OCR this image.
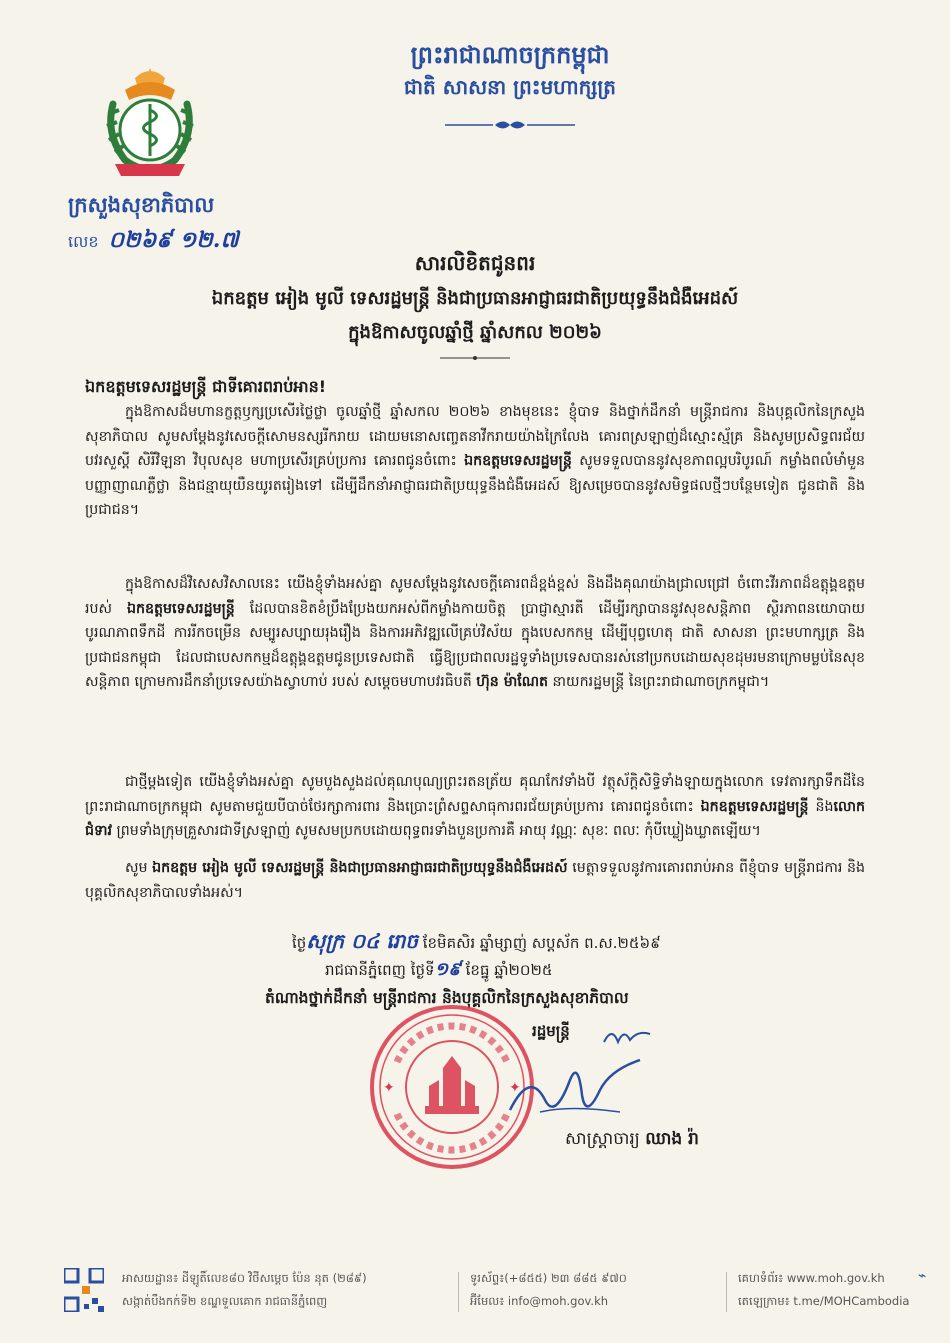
ព្រះរាជាណាចក្រកម្ពុជា
ជាតិ សាសនា ព្រះមហាក្សត្រ
ក្រសួងសុខាភិបាល
លេខ ០២៦៩ ១២.៧
សារលិខិតជូនពរ
ឯកឧត្តម អៀង មូលី ទេសរដ្ឋមន្ត្រី និងជាប្រធានអាជ្ញាធរជាតិប្រយុទ្ធនឹងជំងឺអេដស៍
ក្នុងឱកាសចូលឆ្នាំថ្មី ឆ្នាំសកល ២០២៦
ឯកឧត្តមទេសរដ្ឋមន្ត្រី ជាទីគោរពរាប់អាន!
ក្នុងឱកាសដ៏មហានក្ខត្តឫក្សប្រសើរថ្លៃថ្លា ចូលឆ្នាំថ្មី ឆ្នាំសកល ២០២៦ ខាងមុខនេះ ខ្ញុំបាទ និងថ្នាក់ដឹកនាំ មន្ត្រីរាជការ និងបុគ្គលិកនៃក្រសួងសុខាភិបាល សូមសម្តែងនូវសេចក្តីសោមនស្សរីករាយ ដោយមនោសញ្ចេតនាវីករាយយ៉ាងក្រៃលែង គោរពស្រឡាញ់ដ៏ស្មោះស្ម័គ្រ និងសូមប្រសិទ្ធពរជ័យ បវរសួស្តី សិរីវិឡនា វិបុលសុខ មហាប្រសើរគ្រប់ប្រការ គោរពជូនចំពោះ ឯកឧត្តមទេសរដ្ឋមន្ត្រី សូមទទួលបាននូវសុខភាពល្អបរិបូរណ៍ កម្លាំងពលំមាំមួន បញ្ញាញាណភ្លឺថ្លា និងជន្មាយុយឺនយូរតរៀងទៅ ដើម្បីដឹកនាំអាជ្ញាធរជាតិប្រយុទ្ធនឹងជំងឺអេដស៍ ឱ្យសម្រេចបាននូវសមិទ្ធផលថ្មីៗបន្ថែមទៀត ជូនជាតិ និងប្រជាជន។
ក្នុងឱកាសដ៏វិសេសវិសាលនេះ យើងខ្ញុំទាំងអស់គ្នា សូមសម្តែងនូវសេចក្តីគោរពដ៏ខ្ពង់ខ្ពស់ និងដឹងគុណយ៉ាងជ្រាលជ្រៅ ចំពោះវីរភាពដ៏ឧត្តុង្គឧត្តម របស់ ឯកឧត្តមទេសរដ្ឋមន្ត្រី ដែលបានខិតខំប្រឹងប្រែងយកអស់ពីកម្លាំងកាយចិត្ត ប្រាជ្ញាស្មារតី ដើម្បីរក្សាបាននូវសុខសន្តិភាព ស្ថិរភាពនយោបាយ បូរណភាពទឹកដី ការរីកចម្រើន សម្បូរសប្បាយរុងរឿង និងការអភិវឌ្ឍលើគ្រប់វិស័យ ក្នុងបេសកកម្ម ដើម្បីបុព្វហេតុ ជាតិ សាសនា ព្រះមហាក្សត្រ និងប្រជាជនកម្ពុជា ដែលជាបេសកកម្មដ៏ឧត្តុង្គឧត្តមជូនប្រទេសជាតិ ធ្វើឱ្យប្រជាពលរដ្ឋទូទាំងប្រទេសបានរស់នៅប្រកបដោយសុខដុមរមនាក្រោមម្លប់នៃសុខសន្តិភាព ក្រោមការដឹកនាំប្រទេសយ៉ាងស្វាហាប់ របស់ សម្តេចមហាបវរធិបតី ហ៊ុន ម៉ាណែត នាយករដ្ឋមន្ត្រី នៃព្រះរាជាណាចក្រកម្ពុជា។
ជាថ្មីម្តងទៀត យើងខ្ញុំទាំងអស់គ្នា សូមបួងសួងដល់គុណបុណ្យព្រះរតនត្រ័យ គុណកែវទាំងបី វត្ថុស័ក្តិសិទ្ធិទាំងឡាយក្នុងលោក ទេវតារក្សាទឹកដីនៃព្រះរាជាណាចក្រកម្ពុជា សូមតាមជួយបីបាច់ថែរក្សាការពារ និងប្រោះព្រំសព្ទសាធុការពរជ័យគ្រប់ប្រការ គោរពជូនចំពោះ ឯកឧត្តមទេសរដ្ឋមន្ត្រី និងលោកជំទាវ ព្រមទាំងក្រុមគ្រួសារជាទីស្រឡាញ់ សូមសមប្រកបដោយពុទ្ធពរទាំងបួនប្រការគឺ អាយុ វណ្ណៈ សុខៈ ពលៈ កុំបីឃ្លៀងឃ្លាតឡើយ។
សូម ឯកឧត្តម អៀង មូលី ទេសរដ្ឋមន្ត្រី និងជាប្រធានអាជ្ញាធរជាតិប្រយុទ្ធនឹងជំងឺអេដស៍ មេត្តាទទួលនូវការគោរពរាប់អាន ពីខ្ញុំបាទ មន្ត្រីរាជការ និងបុគ្គលិកសុខាភិបាលទាំងអស់។
ថ្ងៃសុក្រ ០៤ រោច ខែមិគសិរ ឆ្នាំម្សាញ់ សប្តស័ក ព.ស.២៥៦៩
រាជធានីភ្នំពេញ ថ្ងៃទី១៩ ខែធ្នូ ឆ្នាំ២០២៥
តំណាងថ្នាក់ដឹកនាំ មន្ត្រីរាជការ និងបុគ្គលិកនៃក្រសួងសុខាភិបាល
រដ្ឋមន្ត្រី
✦	✦
សាស្ត្រាចារ្យ ឈាង រ៉ា
អាសយដ្ឋាន៖ ដីឡូតិ៍លេខ៨០ វិថីសម្តេច ប៉ែន នុត (២៨៩)
សង្កាត់បឹងកក់ទី២ ខណ្ឌទួលគោក រាជធានីភ្នំពេញ
ទូរស័ព្ទ៖(+៨៥៥) ២៣ ៨៨៥ ៩៧០
អ៊ីមែល៖ info@moh.gov.kh
គេហទំព័រ៖ www.moh.gov.kh
តេឡេក្រាម៖ t.me/MOHCambodia
⌁
